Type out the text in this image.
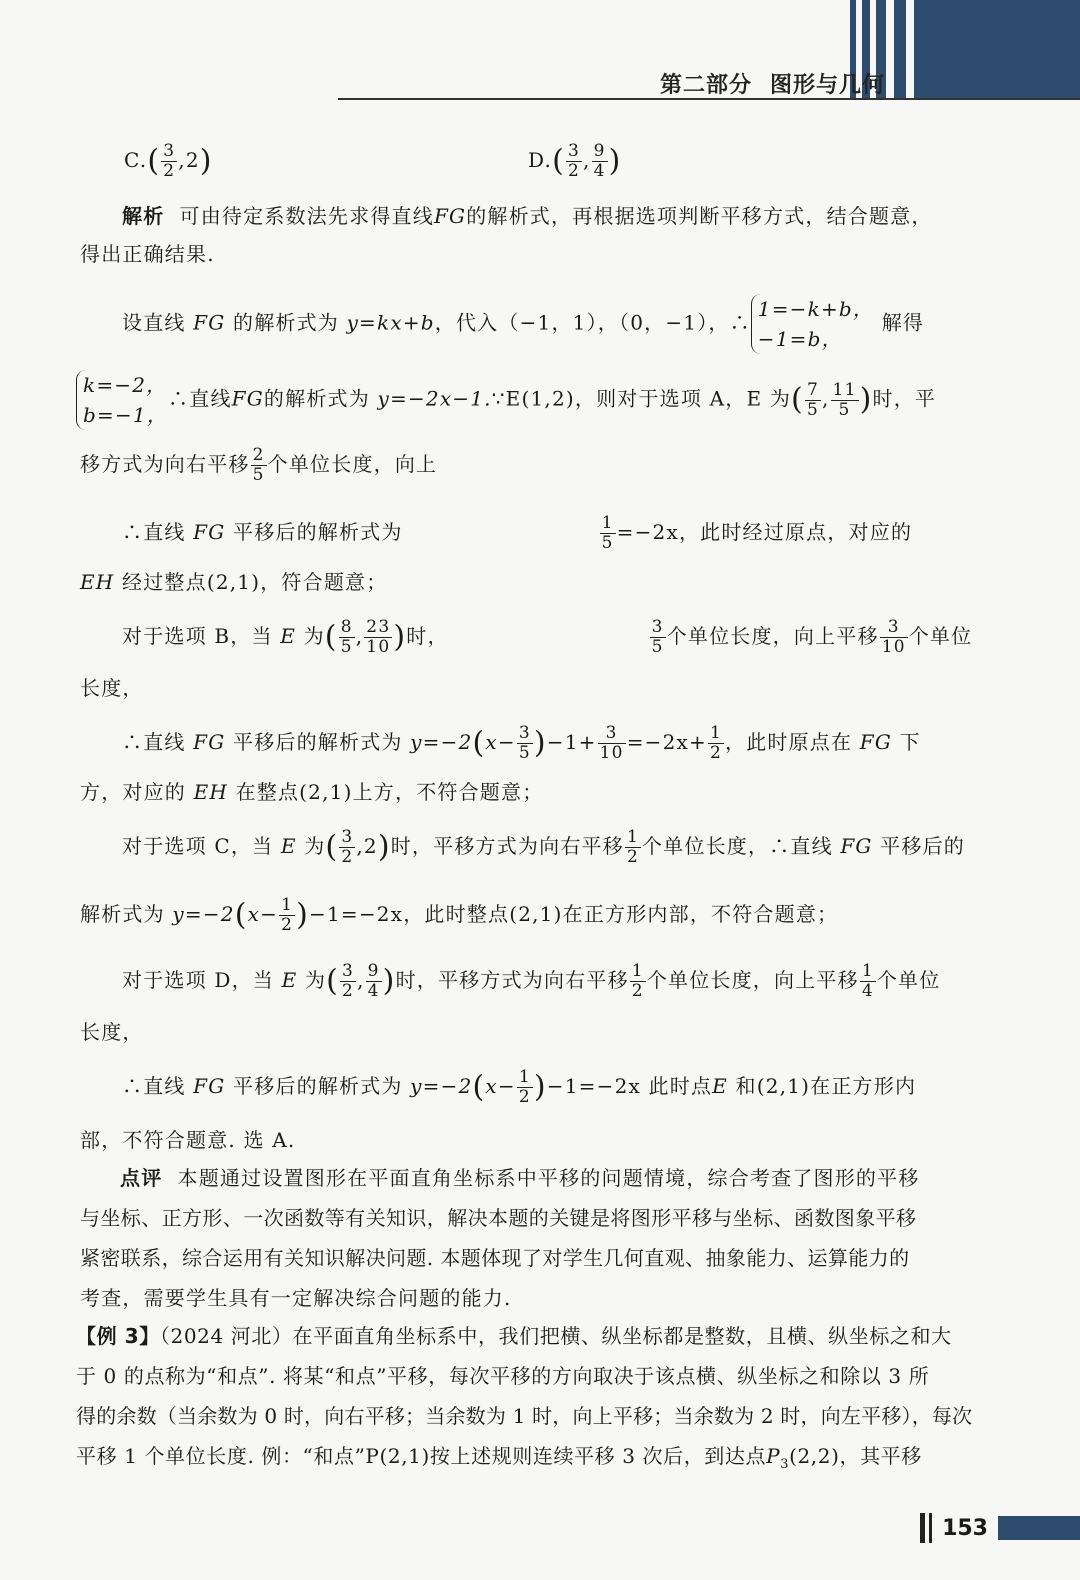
第二部分 图形与几何
$C.( \frac{3}{2} ,2)$	$D.( \frac{3}{2}$ , $\frac{9}{4}$ )
解析 可由待定系数法先求得直线FG的解析式，再根据选项判断平移方式，结合题意，
得出正确结果.
设直线 FG 的解析式为 y=kx+b，代入（−1，1），（0，−1），∴1=−k+b，
−1=b， 解得
k=−2，
b=−1，∴直线FG的解析式为 y=−2x−1.∵E(1,2)，则对于选项 A，E 为( $\frac{7}{5}$ , $\frac{11}{5}$ )时，平
移方式为向右平移 $\frac{2}{5}$ 个单位长度，向上
∴直线 FG 平移后的解析式为	$\frac{1}{5} =-2x$，此时经过原点，对应的
EH 经过整点(2,1)，符合题意；
对于选项 B，当 E 为( $\frac{8}{5}$ , $\frac{23}{10}$ )时，	$\frac{3}{5}$ 个单位长度，向上平移 $\frac{3}{10}$ 个单位
长度，
∴直线 FG 平移后的解析式为 $y=-2(x- \frac{3}{5} )-1+ \frac{3}{10} =-2x+ \frac{1}{2}$ ，此时原点在 FG 下
方，对应的 EH 在整点(2,1)上方，不符合题意；
对于选项 C，当 E 为( $\frac{3}{2} ,2$)时，平移方式为向右平移 $\frac{1}{2}$ 个单位长度，∴直线 FG 平移后的
解析式为 $y=-2(x- \frac{1}{2} )-1=-2x$，此时整点(2,1)在正方形内部，不符合题意；
对于选项 D，当 E 为( $\frac{3}{2}$ , $\frac{9}{4}$ )时，平移方式为向右平移 $\frac{1}{2}$ 个单位长度，向上平移 $\frac{1}{4}$ 个单位
长度，
∴直线 FG 平移后的解析式为 $y=-2(x- \frac{1}{2} )-1=-2x$ 此时点E 和(2,1)在正方形内
部，不符合题意. 选 A.
点评 本题通过设置图形在平面直角坐标系中平移的问题情境，综合考查了图形的平移
与坐标、正方形、一次函数等有关知识，解决本题的关键是将图形平移与坐标、函数图象平移
紧密联系，综合运用有关知识解决问题. 本题体现了对学生几何直观、抽象能力、运算能力的
考查，需要学生具有一定解决综合问题的能力.
【例 3】（2024 河北）在平面直角坐标系中，我们把横、纵坐标都是整数，且横、纵坐标之和大
于 0 的点称为“和点”. 将某“和点”平移，每次平移的方向取决于该点横、纵坐标之和除以 3 所
得的余数（当余数为 0 时，向右平移；当余数为 1 时，向上平移；当余数为 2 时，向左平移），每次
平移 1 个单位长度. 例：“和点”P(2,1)按上述规则连续平移 3 次后，到达点$P_3(2,2)$，其平移
153
